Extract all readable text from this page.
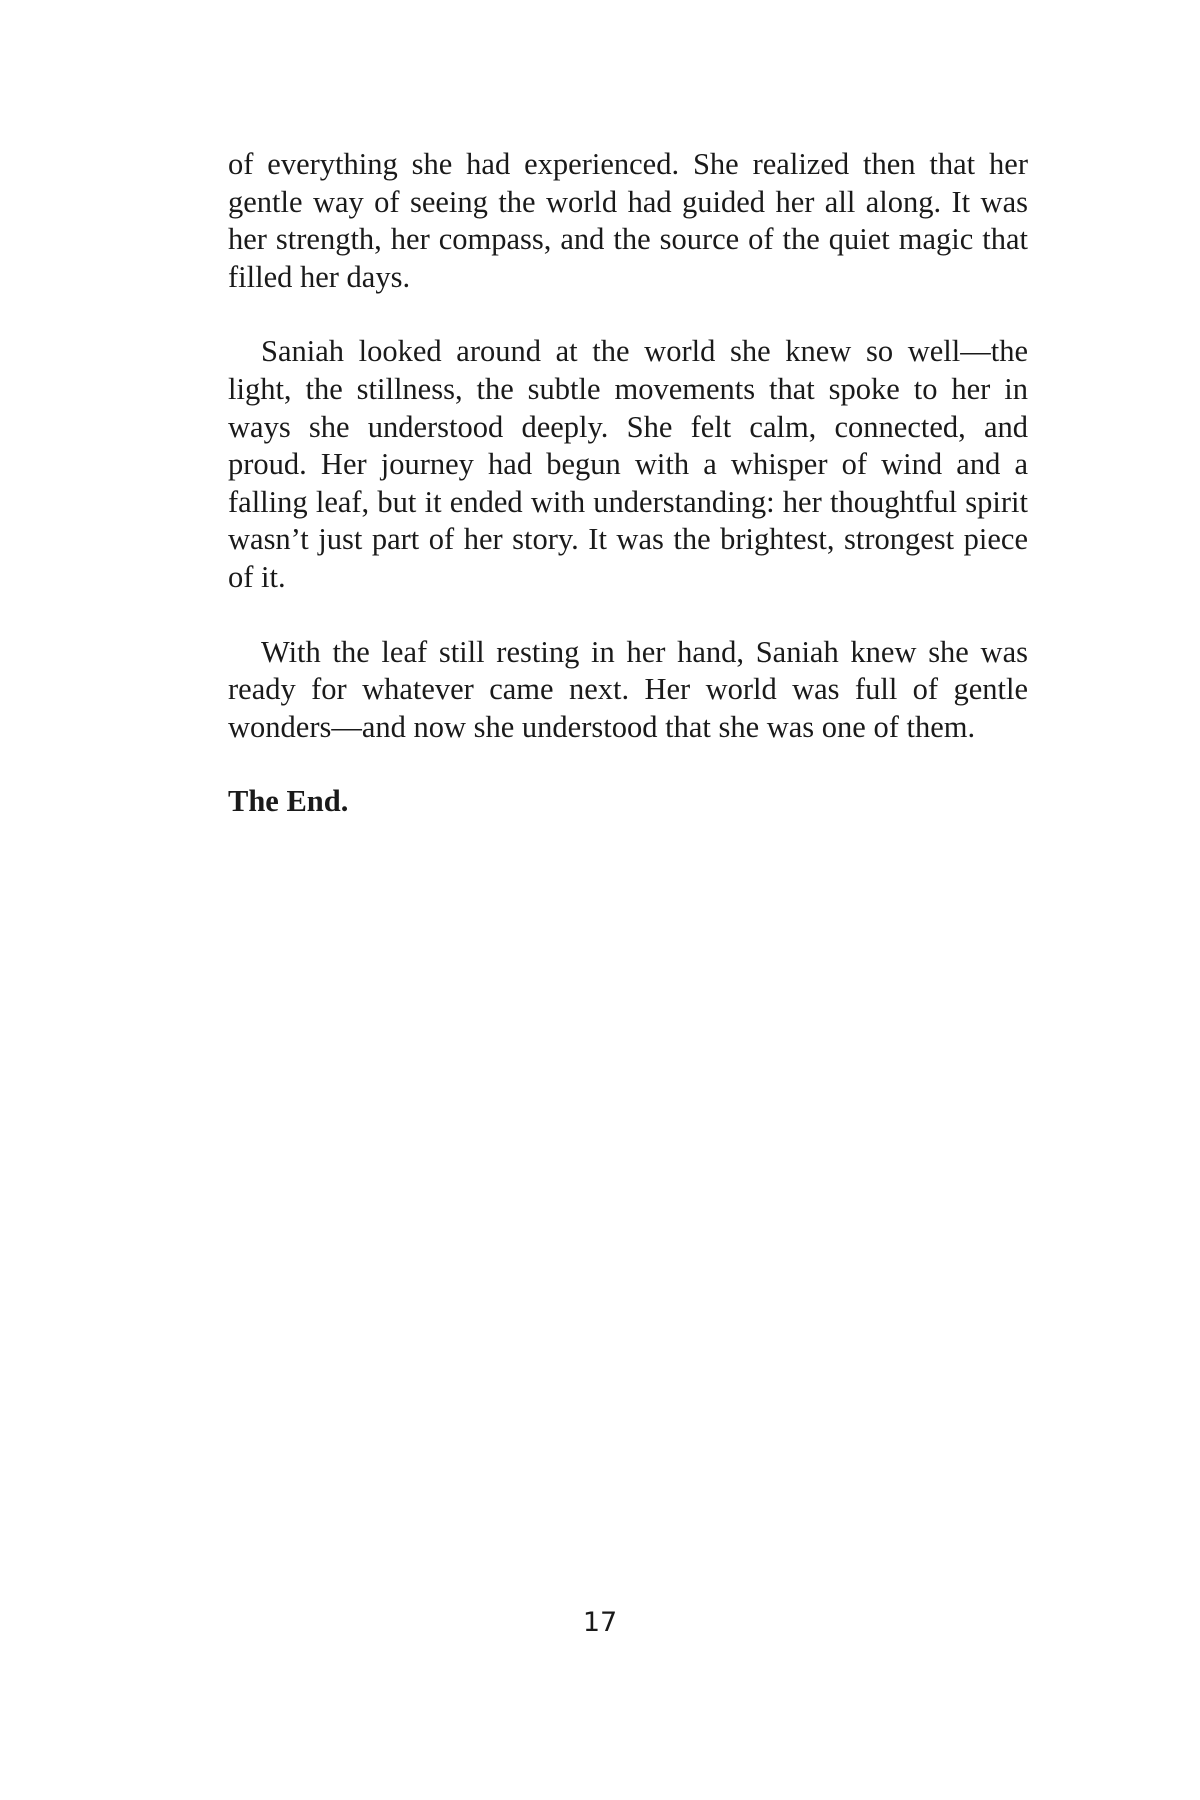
of everything she had experienced. She realized then that her gentle way of seeing the world had guided her all along. It was her strength, her compass, and the source of the quiet magic that filled her days.

Saniah looked around at the world she knew so well—the light, the stillness, the subtle movements that spoke to her in ways she understood deeply. She felt calm, connected, and proud. Her journey had begun with a whisper of wind and a falling leaf, but it ended with understanding: her thoughtful spirit wasn’t just part of her story. It was the brightest, strongest piece of it.

With the leaf still resting in her hand, Saniah knew she was ready for whatever came next. Her world was full of gentle wonders—and now she understood that she was one of them.

The End.

17
